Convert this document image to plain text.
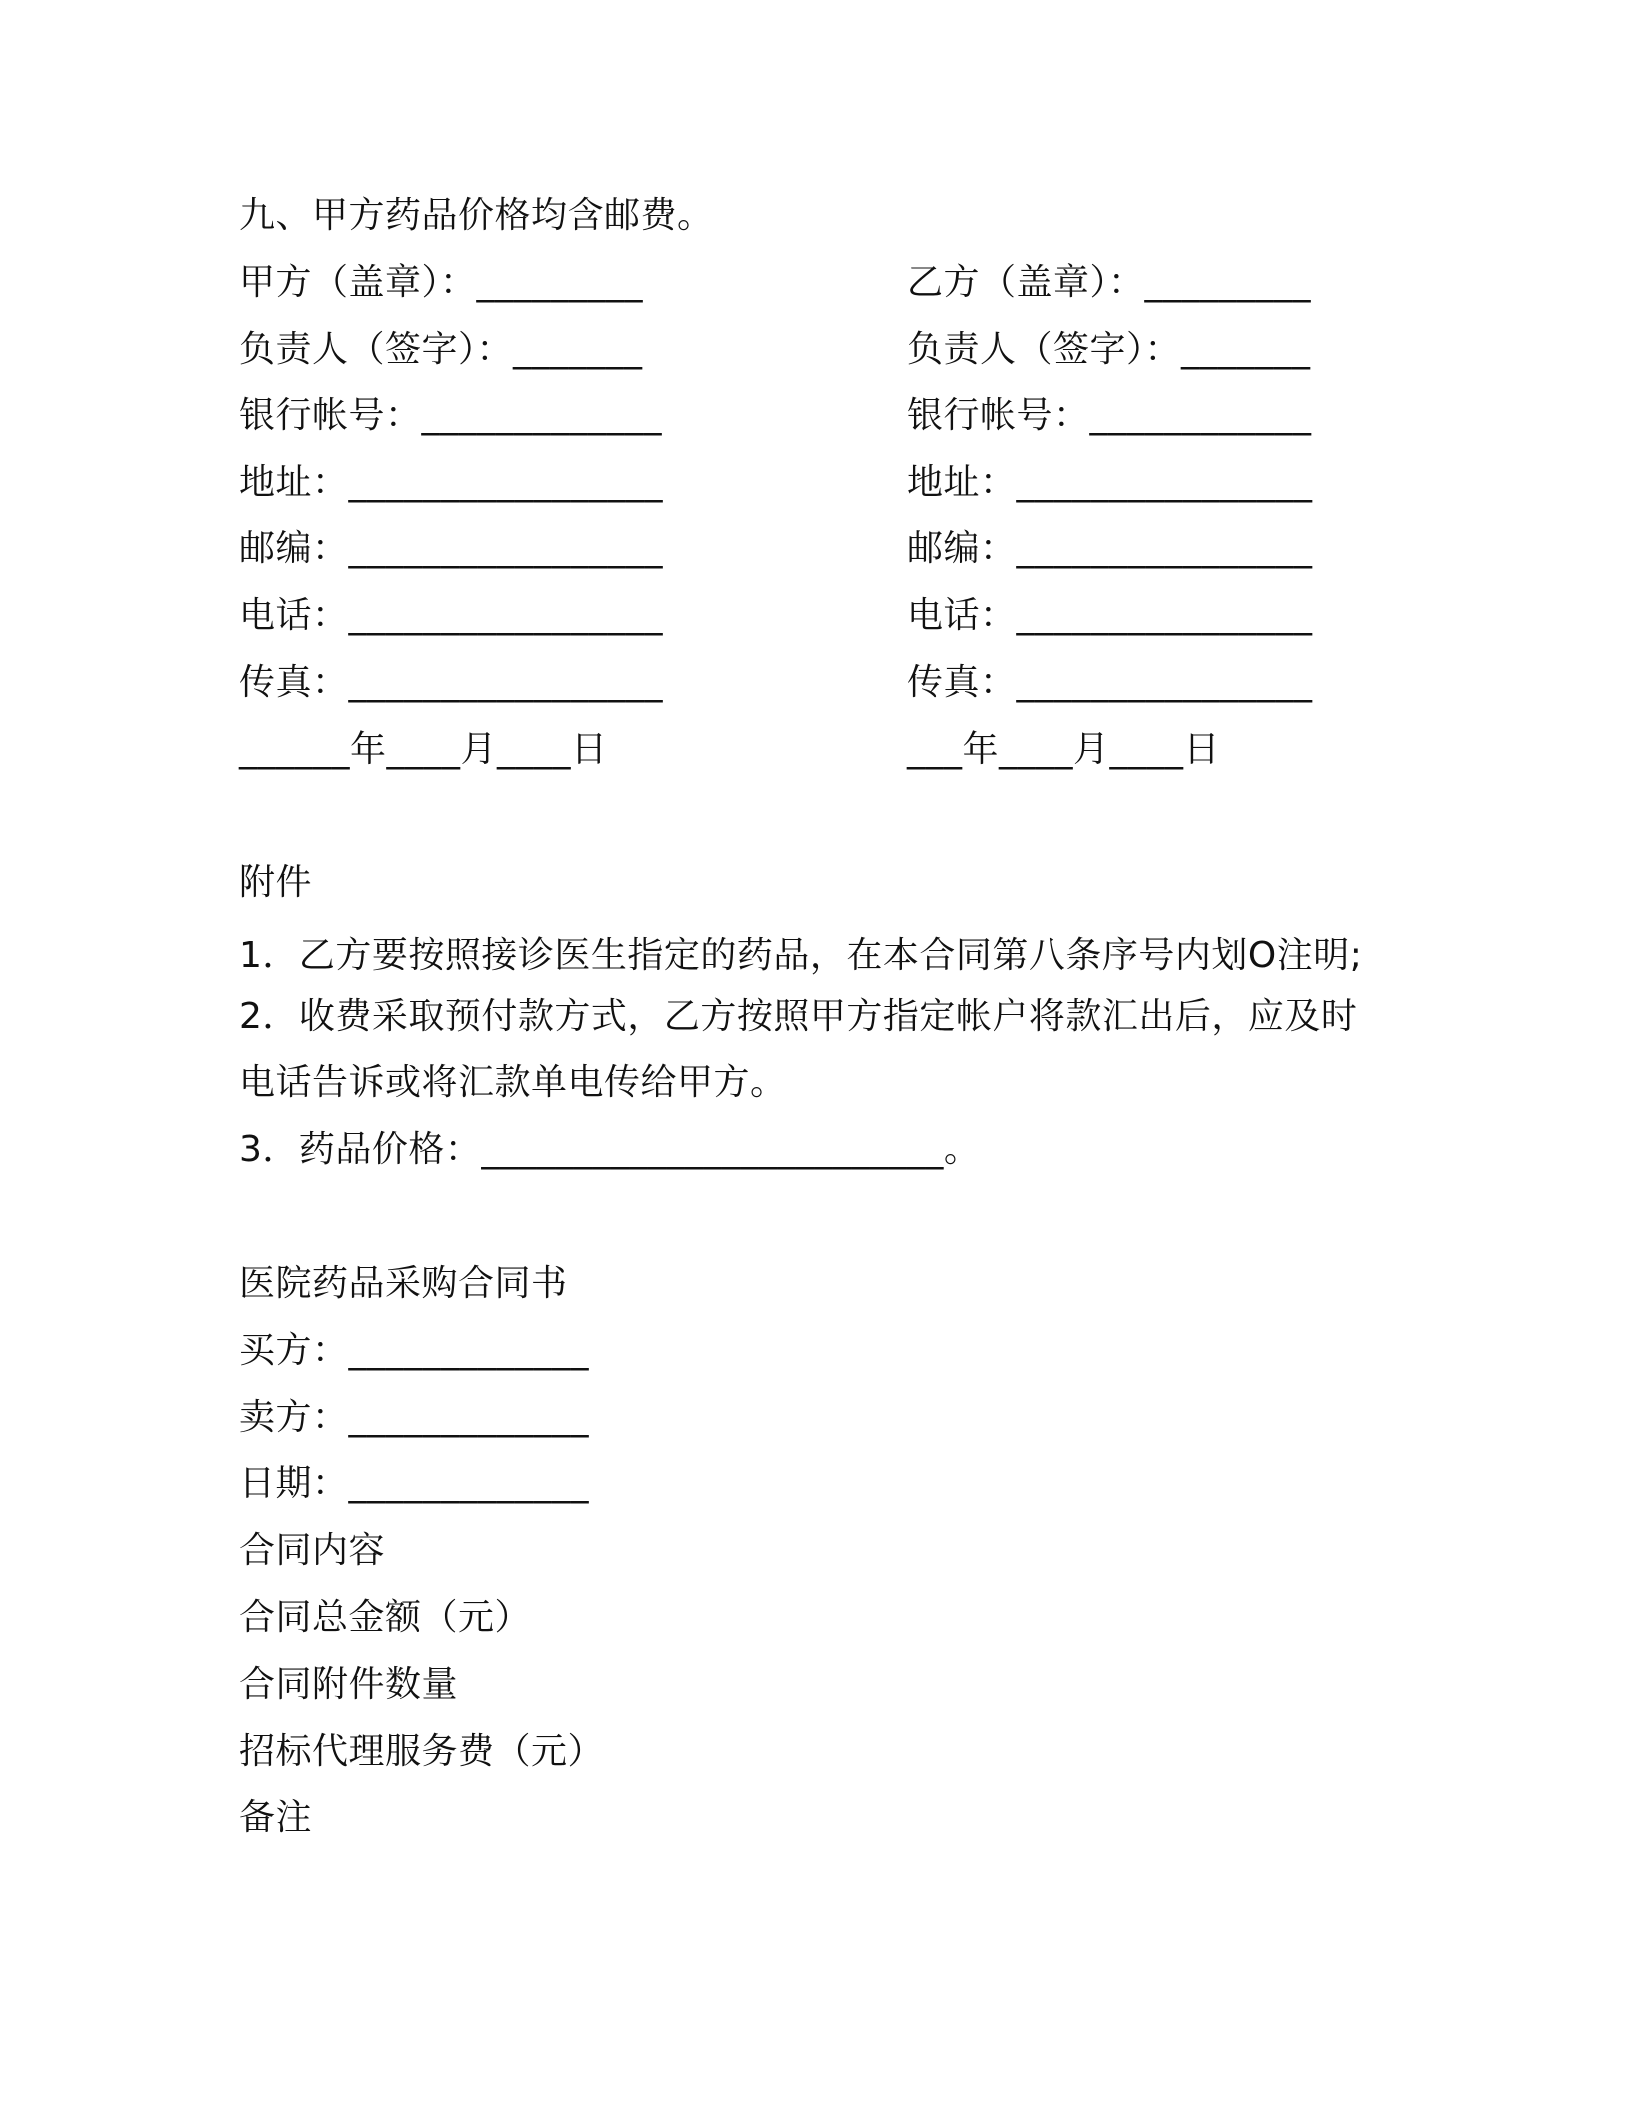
九、甲方药品价格均含邮费。
甲方（盖章）：_________
负责人（签字）：_______
银行帐号：_____________
地址：_________________
邮编：_________________
电话：_________________
传真：_________________
______年____月____日
乙方（盖章）：_________
负责人（签字）：_______
银行帐号：____________
地址：________________
邮编：________________
电话：________________
传真：________________
___年____月____日
附件
1．乙方要按照接诊医生指定的药品，在本合同第八条序号内划O注明;
2．收费采取预付款方式，乙方按照甲方指定帐户将款汇出后，应及时
电话告诉或将汇款单电传给甲方。
3．药品价格：_________________________。
医院药品采购合同书
买方：_____________
卖方：_____________
日期：_____________
合同内容
合同总金额（元）
合同附件数量
招标代理服务费（元）
备注
